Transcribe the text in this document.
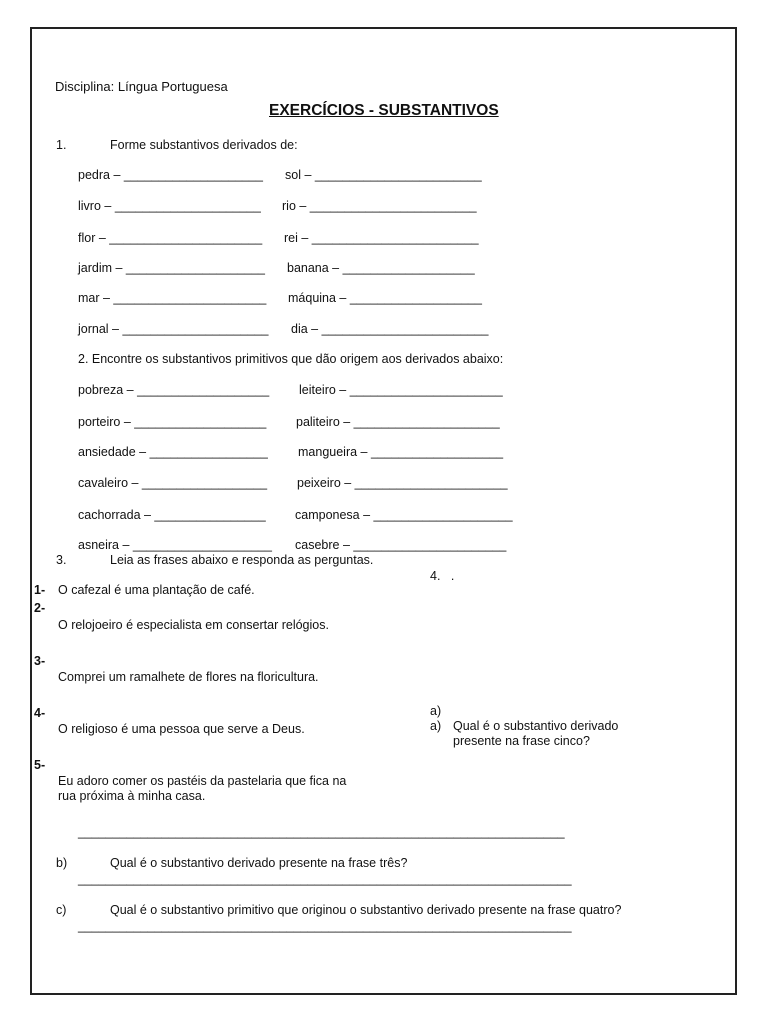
Disciplina: Língua Portuguesa
EXERCÍCIOS - SUBSTANTIVOS
1.	Forme substantivos derivados de:
pedra – ____________________ sol – ________________________
livro – _____________________ rio – ________________________
flor – ______________________ rei – ________________________
jardim – ____________________ banana – ___________________
mar – ______________________ máquina – ___________________
jornal – _____________________ dia – ________________________
2. Encontre os substantivos primitivos que dão origem aos derivados abaixo:
pobreza – ___________________ leiteiro – ______________________
porteiro – ___________________ paliteiro – _____________________
ansiedade – _________________ mangueira – ___________________
cavaleiro – __________________ peixeiro – ______________________
cachorrada – ________________ camponesa – ____________________
asneira – ____________________ casebre – ______________________
3.	Leia as frases abaixo e responda as perguntas.
1- O cafezal é uma plantação de café.
2-
O relojoeiro é especialista em consertar relógios.
3-
Comprei um ramalhete de flores na floricultura.
4-
O religioso é uma pessoa que serve a Deus.
5-
Eu adoro comer os pastéis da pastelaria que fica na
rua próxima à minha casa.
4.   .
a)
a) Qual é o substantivo derivado
presente na frase cinco?
______________________________________________________________________
b)	Qual é o substantivo derivado presente na frase três?
_______________________________________________________________________
c)	Qual é o substantivo primitivo que originou o substantivo derivado presente na frase quatro?
_______________________________________________________________________
